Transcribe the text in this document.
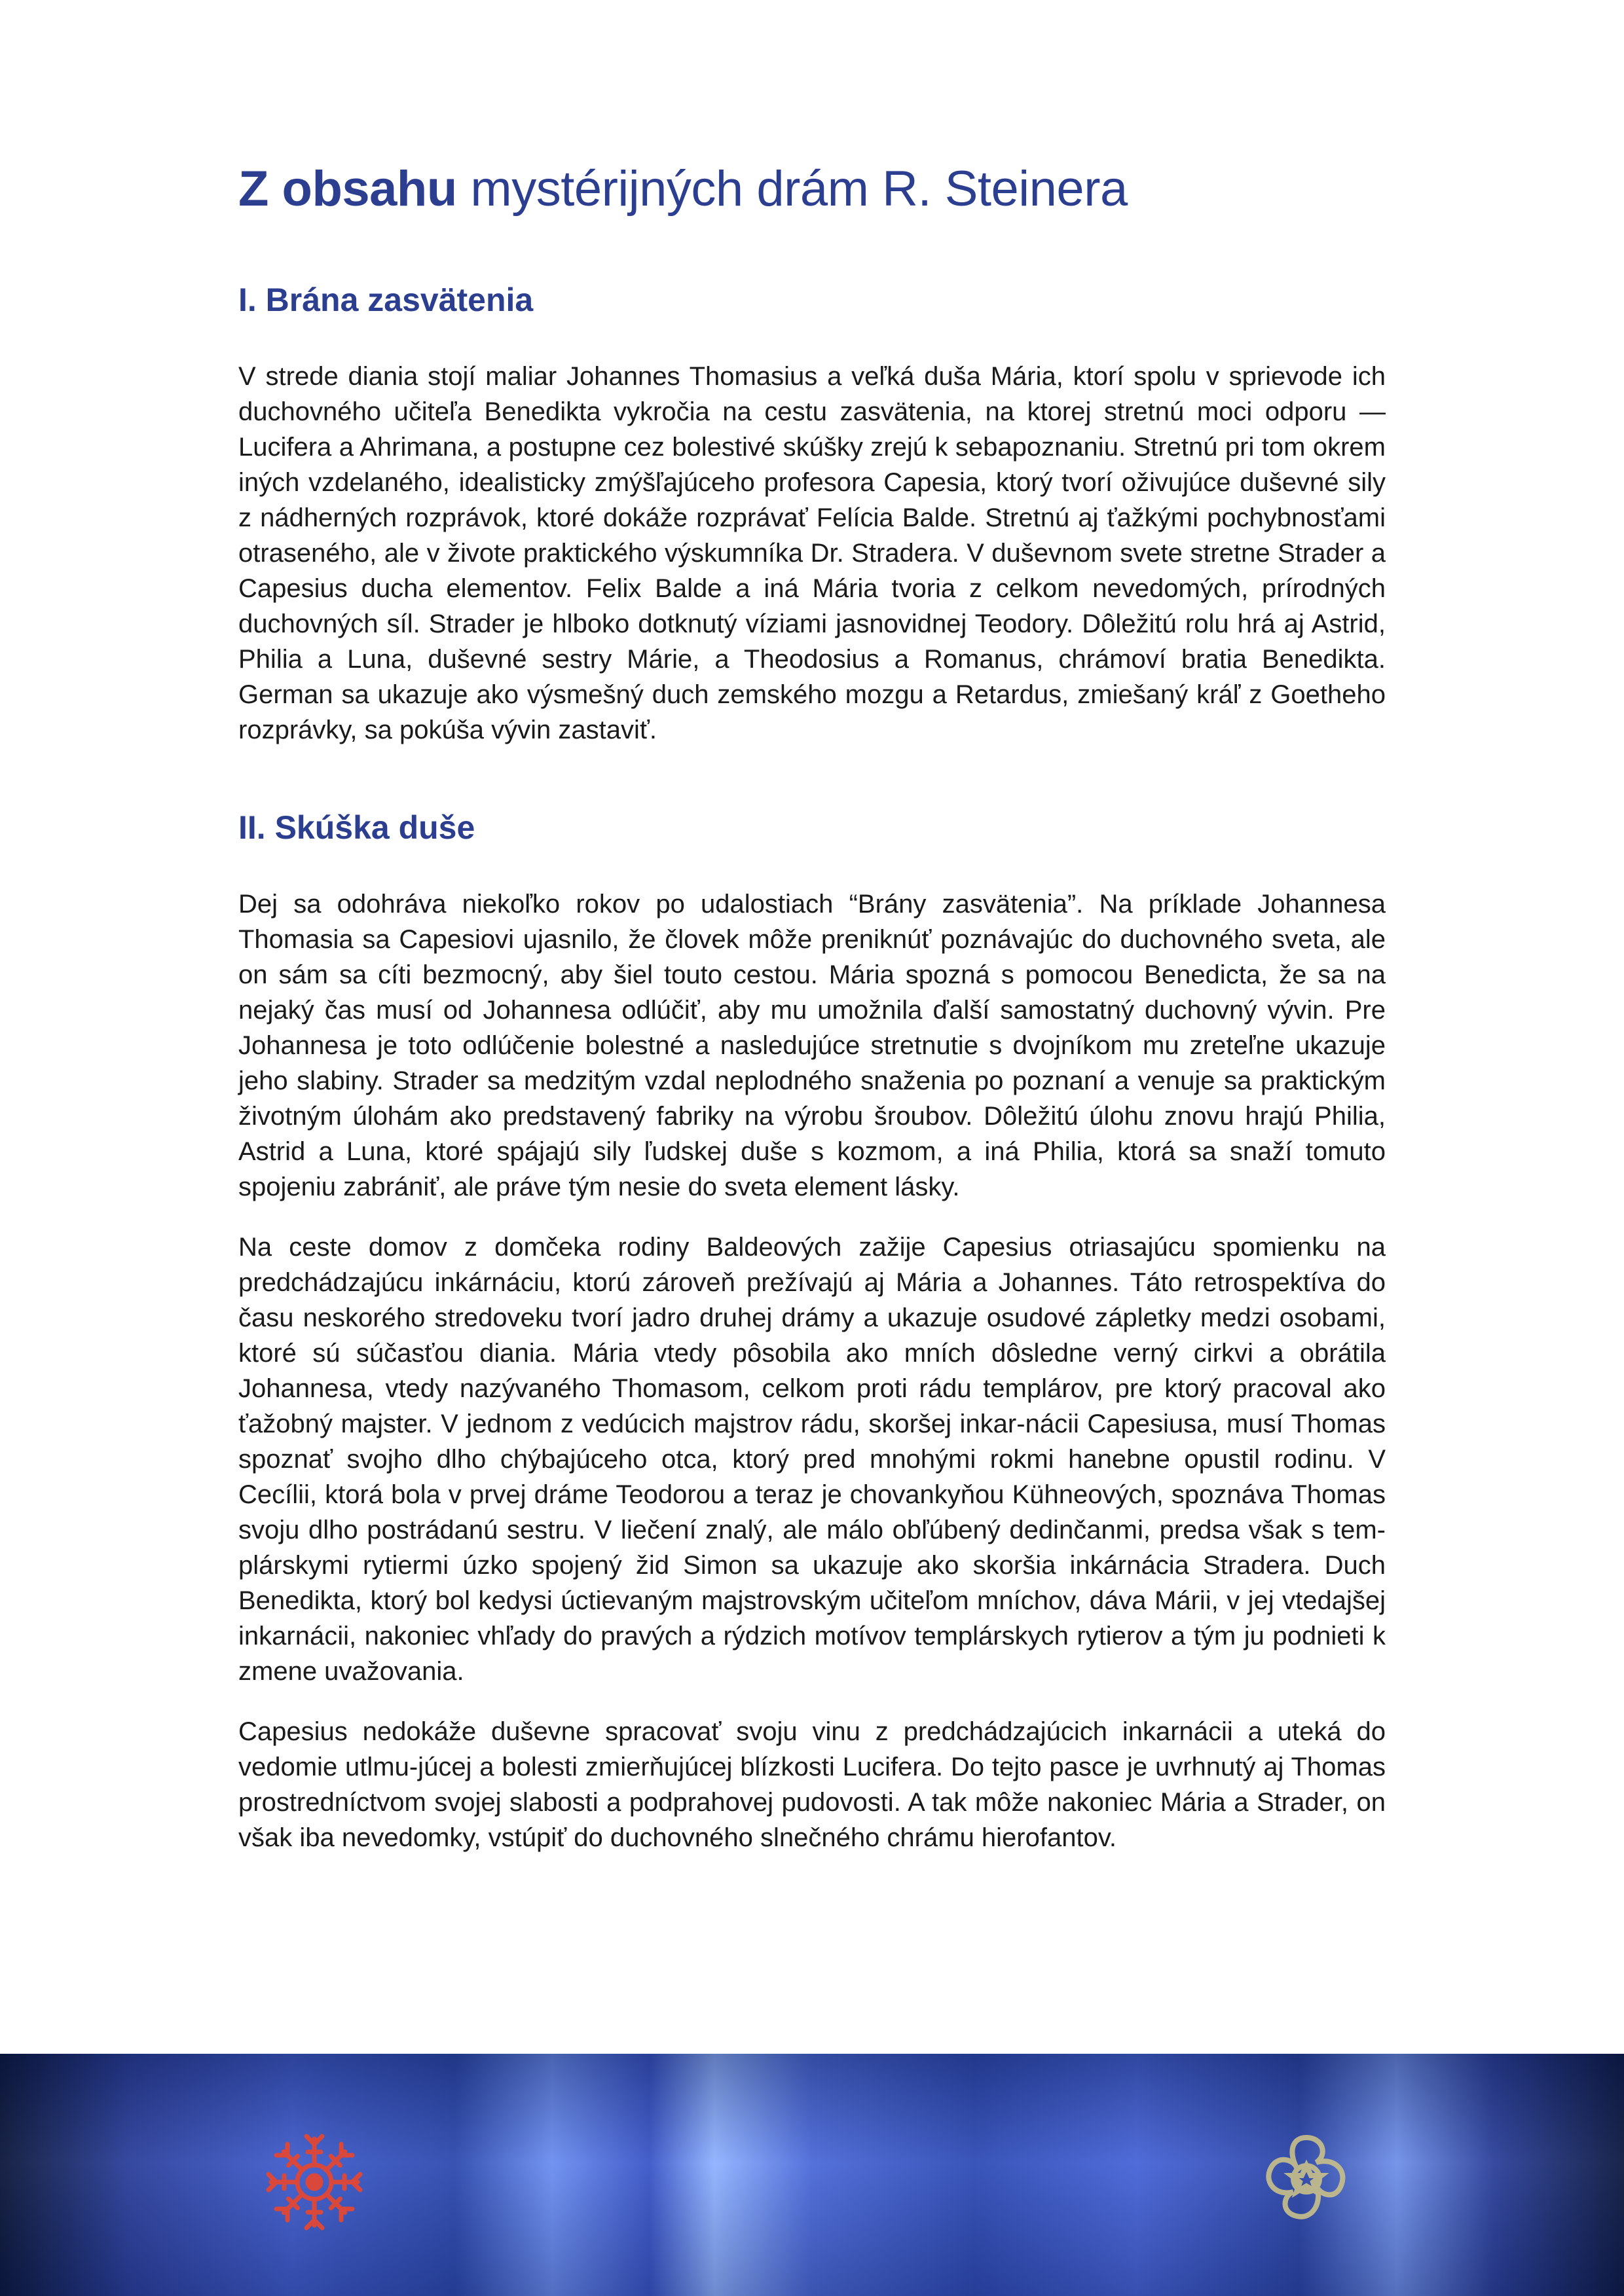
Z obsahu mystérijných drám R. Steinera
I. Brána zasvätenia

V strede diania stojí maliar Johannes Thomasius a veľká duša Mária, ktorí spolu v sprievode ich duchovného učiteľa Benedikta vykročia na cestu zasvätenia, na ktorej stretnú moci odporu — Lucifera a Ahrimana, a postupne cez bolestivé skúšky zrejú k sebapoznaniu. Stretnú pri tom okrem iných vzdelaného, idealisticky zmýšľajúceho profesora Capesia, ktorý tvorí oživujúce duševné sily z nádherných rozprávok, ktoré dokáže rozprávať Felícia Balde. Stretnú aj ťažkými pochybnosťami otraseného, ale v živote praktického výskumníka Dr. Stradera. V duševnom svete stretne Strader a Capesius ducha elementov. Felix Balde a iná Mária tvoria z celkom nevedomých, prírodných duchovných síl. Strader je hlboko dotknutý víziami jasnovidnej Teodory. Dôležitú rolu hrá aj Astrid, Philia a Luna, duševné sestry Márie, a Theodosius a Romanus, chrámoví bratia Benedikta. German sa ukazuje ako výsmešný duch zemského mozgu a Retardus, zmiešaný kráľ z Goetheho rozprávky, sa pokúša vývin zastaviť.

II. Skúška duše

Dej sa odohráva niekoľko rokov po udalostiach “Brány zasvätenia”. Na príklade Johannesa Thomasia sa Capesiovi ujasnilo, že človek môže preniknúť poznávajúc do duchovného sveta, ale on sám sa cíti bezmocný, aby šiel touto cestou. Mária spozná s pomocou Benedicta, že sa na nejaký čas musí od Johannesa odlúčiť, aby mu umožnila ďalší samostatný duchovný vývin. Pre Johannesa je toto odlúčenie bolestné a nasledujúce stretnutie s dvojníkom mu zreteľne ukazuje jeho slabiny. Strader sa medzitým vzdal neplodného snaženia po poznaní a venuje sa praktickým životným úlohám ako predstavený fabriky na výrobu šroubov. Dôležitú úlohu znovu hrajú Philia, Astrid a Luna, ktoré spájajú sily ľudskej duše s kozmom, a iná Philia, ktorá sa snaží tomuto spojeniu zabrániť, ale práve tým nesie do sveta element lásky.

Na ceste domov z domčeka rodiny Baldeových zažije Capesius otriasajúcu spomienku na predchádzajúcu inkárnáciu, ktorú zároveň prežívajú aj Mária a Johannes. Táto retrospektíva do času neskorého stredoveku tvorí jadro druhej drámy a ukazuje osudové zápletky medzi osobami, ktoré sú súčasťou diania. Mária vtedy pôsobila ako mních dôsledne verný cirkvi a obrátila Johannesa, vtedy nazývaného Thomasom, celkom proti rádu templárov, pre ktorý pracoval ako ťažobný majster. V jednom z vedúcich majstrov rádu, skoršej inkar-nácii Capesiusa, musí Thomas spoznať svojho dlho chýbajúceho otca, ktorý pred mnohými rokmi hanebne opustil rodinu. V Cecílii, ktorá bola v prvej dráme Teodorou a teraz je chovankyňou Kühneových, spoznáva Thomas svoju dlho postrádanú sestru. V liečení znalý, ale málo obľúbený dedinčanmi, predsa však s tem-plárskymi rytiermi úzko spojený žid Simon sa ukazuje ako skoršia inkárnácia Stradera. Duch Benedikta, ktorý bol kedysi úctievaným majstrovským učiteľom mníchov, dáva Márii, v jej vtedajšej inkarnácii, nakoniec vhľady do pravých a rýdzich motívov templárskych rytierov a tým ju podnieti k zmene uvažovania.

Capesius nedokáže duševne spracovať svoju vinu z predchádzajúcich inkarnácii a uteká do vedomie utlmu-júcej a bolesti zmierňujúcej blízkosti Lucifera. Do tejto pasce je uvrhnutý aj Thomas prostredníctvom svojej slabosti a podprahovej pudovosti. A tak môže nakoniec Mária a Strader, on však iba nevedomky, vstúpiť do duchovného slnečného chrámu hierofantov.
